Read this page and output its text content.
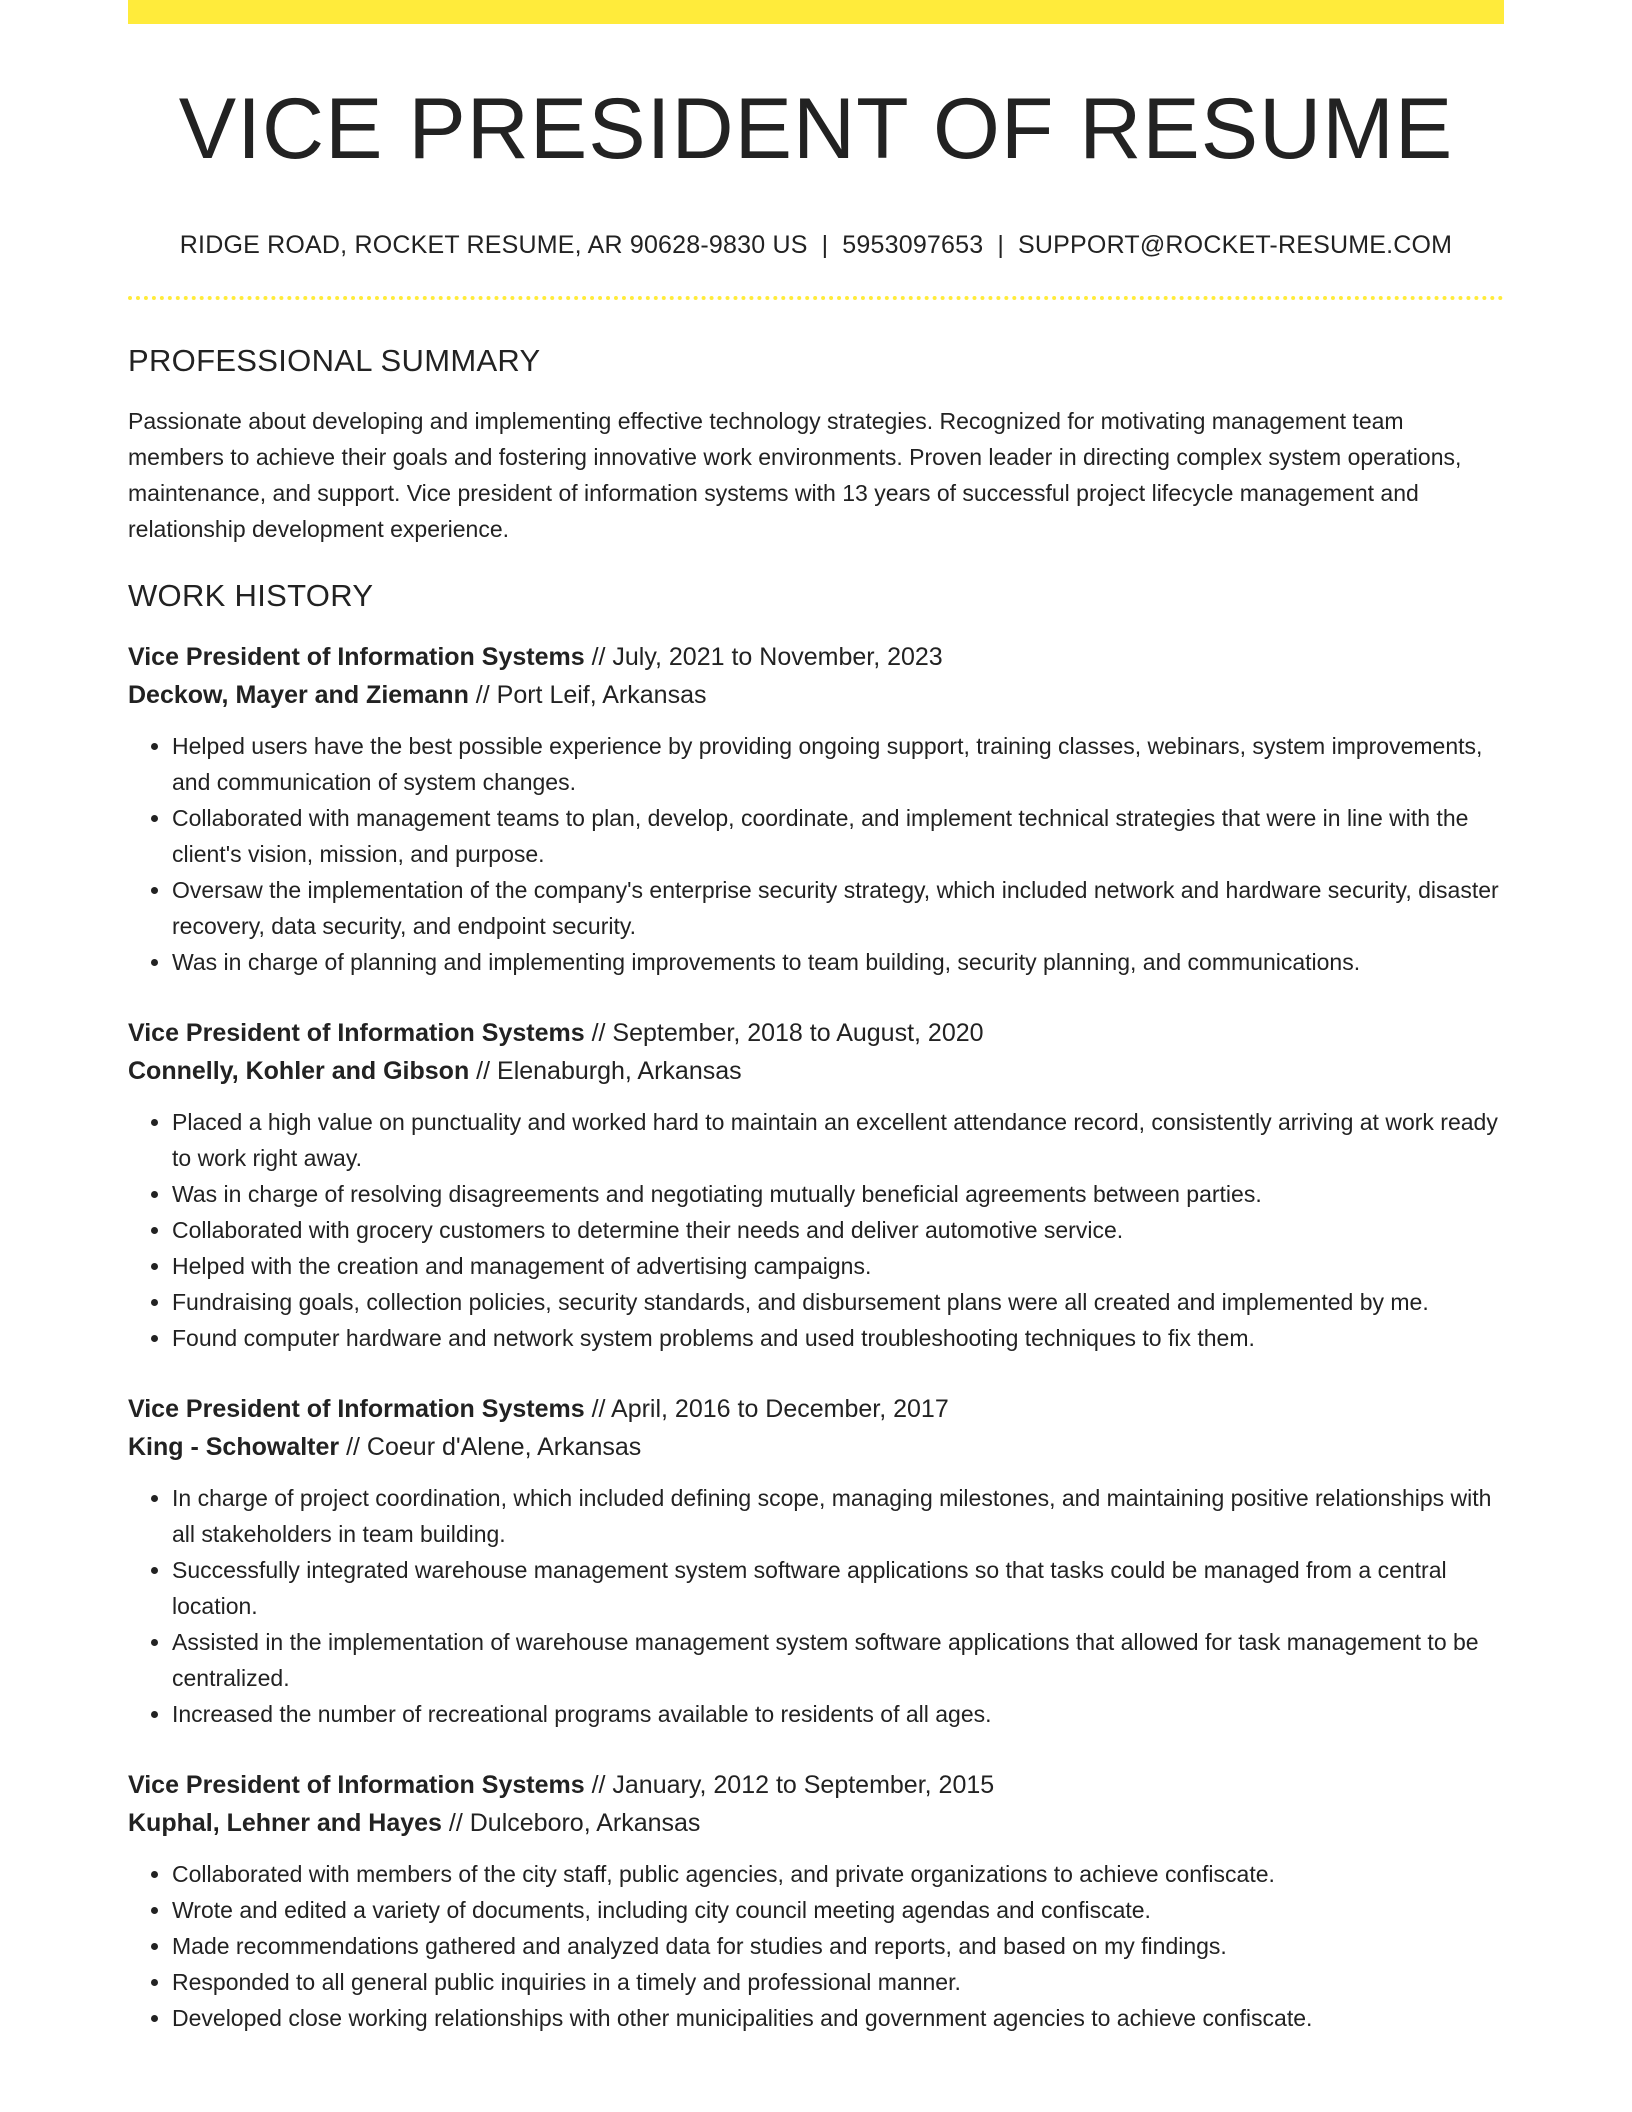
VICE PRESIDENT OF RESUME
RIDGE ROAD, ROCKET RESUME, AR 90628-9830 US | 5953097653 | SUPPORT@ROCKET-RESUME.COM
PROFESSIONAL SUMMARY
Passionate about developing and implementing effective technology strategies. Recognized for motivating management team members to achieve their goals and fostering innovative work environments. Proven leader in directing complex system operations, maintenance, and support. Vice president of information systems with 13 years of successful project lifecycle management and relationship development experience.
WORK HISTORY
Vice President of Information Systems // July, 2021 to November, 2023
Deckow, Mayer and Ziemann // Port Leif, Arkansas
• Helped users have the best possible experience by providing ongoing support, training classes, webinars, system improvements, and communication of system changes.
• Collaborated with management teams to plan, develop, coordinate, and implement technical strategies that were in line with the client's vision, mission, and purpose.
• Oversaw the implementation of the company's enterprise security strategy, which included network and hardware security, disaster recovery, data security, and endpoint security.
• Was in charge of planning and implementing improvements to team building, security planning, and communications.
Vice President of Information Systems // September, 2018 to August, 2020
Connelly, Kohler and Gibson // Elenaburgh, Arkansas
• Placed a high value on punctuality and worked hard to maintain an excellent attendance record, consistently arriving at work ready to work right away.
• Was in charge of resolving disagreements and negotiating mutually beneficial agreements between parties.
• Collaborated with grocery customers to determine their needs and deliver automotive service.
• Helped with the creation and management of advertising campaigns.
• Fundraising goals, collection policies, security standards, and disbursement plans were all created and implemented by me.
• Found computer hardware and network system problems and used troubleshooting techniques to fix them.
Vice President of Information Systems // April, 2016 to December, 2017
King - Schowalter // Coeur d'Alene, Arkansas
• In charge of project coordination, which included defining scope, managing milestones, and maintaining positive relationships with all stakeholders in team building.
• Successfully integrated warehouse management system software applications so that tasks could be managed from a central location.
• Assisted in the implementation of warehouse management system software applications that allowed for task management to be centralized.
• Increased the number of recreational programs available to residents of all ages.
Vice President of Information Systems // January, 2012 to September, 2015
Kuphal, Lehner and Hayes // Dulceboro, Arkansas
• Collaborated with members of the city staff, public agencies, and private organizations to achieve confiscate.
• Wrote and edited a variety of documents, including city council meeting agendas and confiscate.
• Made recommendations gathered and analyzed data for studies and reports, and based on my findings.
• Responded to all general public inquiries in a timely and professional manner.
• Developed close working relationships with other municipalities and government agencies to achieve confiscate.
